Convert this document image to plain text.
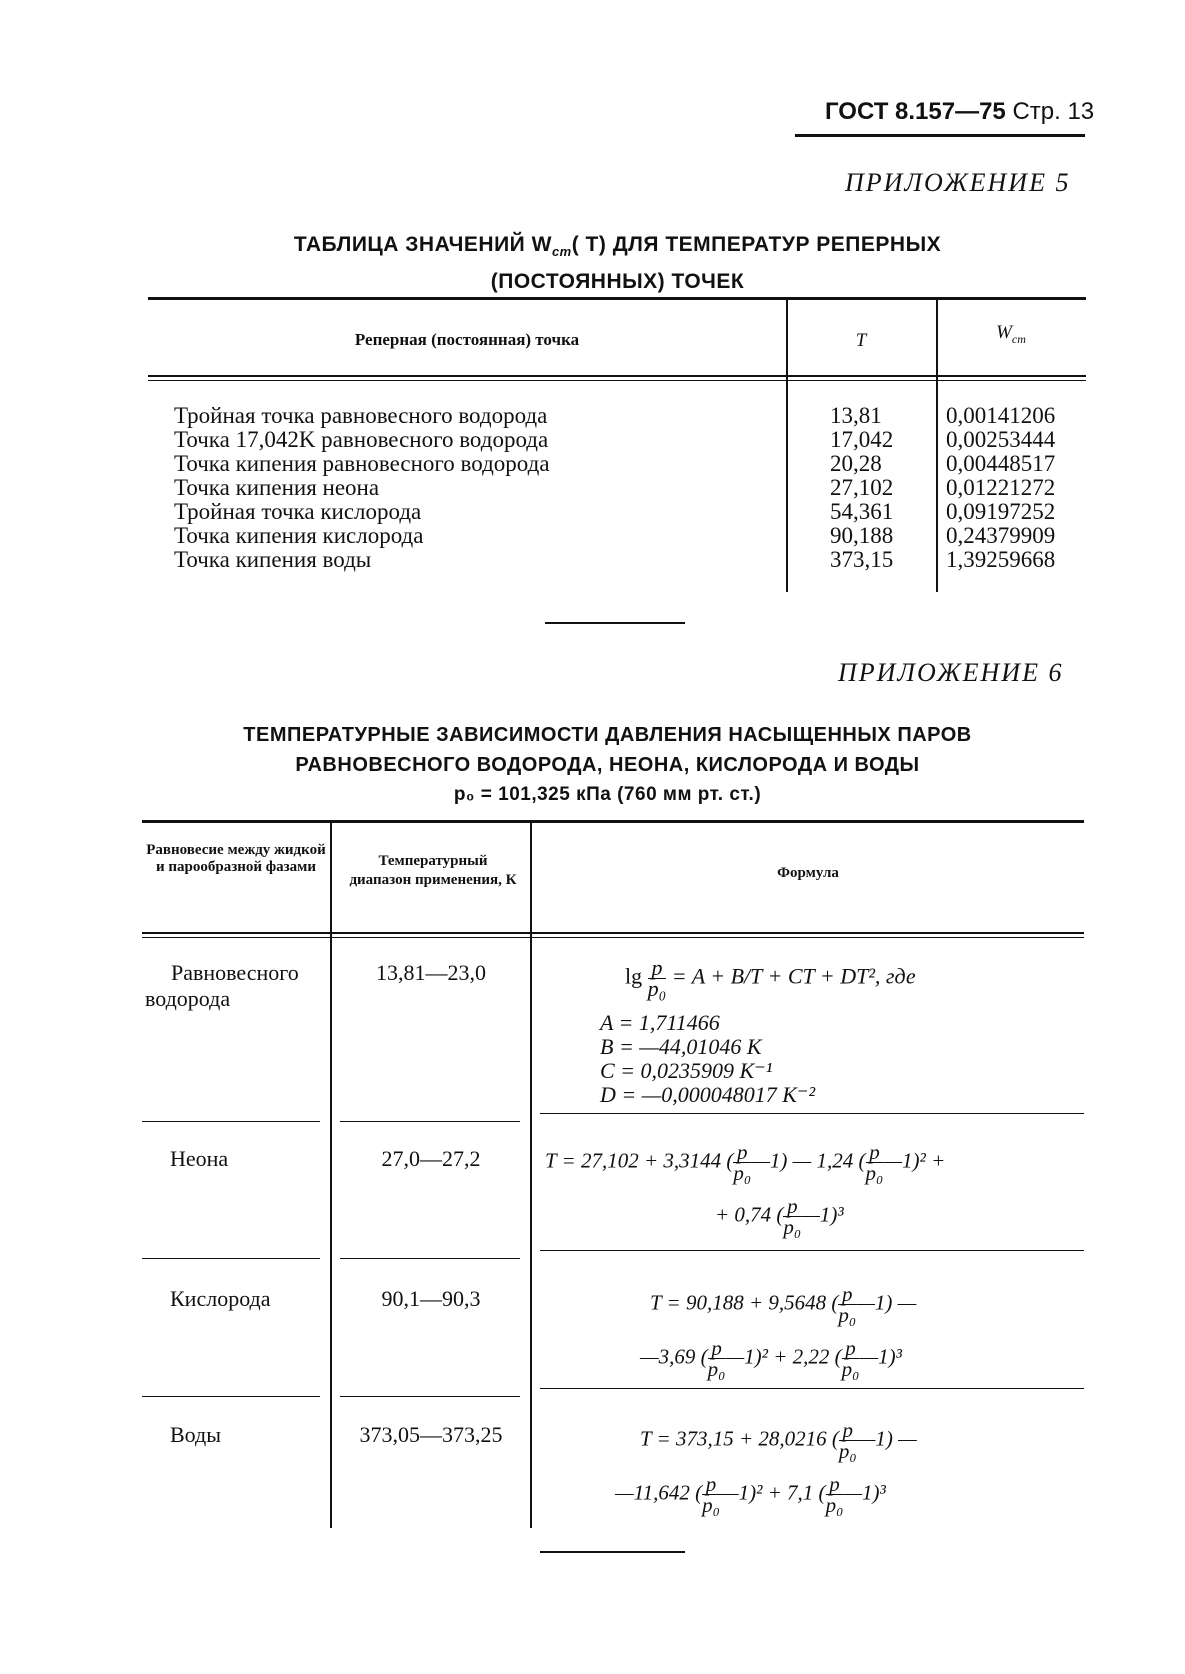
ГОСТ 8.157—75 Стр. 13
ПРИЛОЖЕНИЕ 5
ТАБЛИЦА ЗНАЧЕНИЙ $W_{ст}$( T) ДЛЯ ТЕМПЕРАТУР РЕПЕРНЫХ
(ПОСТОЯННЫХ) ТОЧЕК
Реперная (постоянная) точка	T	$W_{ст}$
Тройная точка равновесного водорода	13,81	0,00141206
Точка 17,042K равновесного водорода	17,042 0,00253444
Точка кипения равновесного водорода	20,28	0,00448517
Точка кипения неона	27,102 0,01221272
Тройная точка кислорода	54,361 0,09197252
Точка кипения кислорода	90,188 0,24379909
Точка кипения воды	373,15 1,39259668
ПРИЛОЖЕНИЕ 6
ТЕМПЕРАТУРНЫЕ ЗАВИСИМОСТИ ДАВЛЕНИЯ НАСЫЩЕННЫХ ПАРОВ
РАВНОВЕСНОГО ВОДОРОДА, НЕОНА, КИСЛОРОДА И ВОДЫ
p₀ = 101,325 кПа (760 мм рт. ст.)
Равновесие между жидкой и парообразной фазами	Температурный диапазон применения, К	Формула
Равновесного
водорода
13,81—23,0	$\lg \frac{p}{\text{p₀}} = A + B/T$ + CT + DT², где
A = 1,711466
B = —44,01046 К
C = 0,0235909 К⁻¹
D = —0,000048017 К⁻²
Неона	27,0—27,2	T = 27,102 + 3,3144 ( $\frac{p}{\text{p₀}}$ —1) — 1,24 ( $\frac{p}{\text{p₀}}$ —1)² +
+ 0,74 ( $\frac{p}{\text{p₀}}$ —1)³
Кислорода	90,1—90,3	T = 90,188 + 9,5648 ( $\frac{p}{\text{p₀}}$ —1) —
—3,69 ( $\frac{p}{\text{p₀}}$ —1)² + 2,22 ( $\frac{p}{\text{p₀}}$ —1)³
Воды	373,05—373,25	T = 373,15 + 28,0216 ( $\frac{p}{\text{p₀}}$ —1) —
—11,642 ( $\frac{p}{\text{p₀}}$ —1)² + 7,1 ( $\frac{p}{\text{p₀}}$ —1)³
